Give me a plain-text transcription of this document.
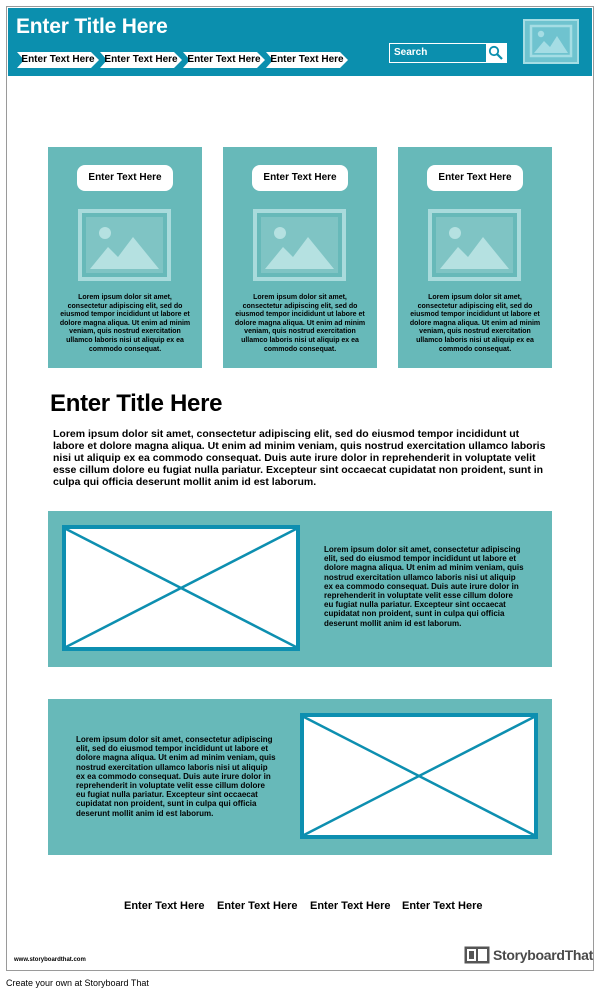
Enter Title Here
Enter Text Here Enter Text Here Enter Text Here Enter Text Here
Search
Enter Text Here
Lorem ipsum dolor sit amet, consectetur adipiscing elit, sed do eiusmod tempor incididunt ut labore et dolore magna aliqua. Ut enim ad minim veniam, quis nostrud exercitation ullamco laboris nisi ut aliquip ex ea commodo consequat.
Enter Text Here
Lorem ipsum dolor sit amet, consectetur adipiscing elit, sed do eiusmod tempor incididunt ut labore et dolore magna aliqua. Ut enim ad minim veniam, quis nostrud exercitation ullamco laboris nisi ut aliquip ex ea commodo consequat.
Enter Text Here
Lorem ipsum dolor sit amet, consectetur adipiscing elit, sed do eiusmod tempor incididunt ut labore et dolore magna aliqua. Ut enim ad minim veniam, quis nostrud exercitation ullamco laboris nisi ut aliquip ex ea commodo consequat.
Enter Title Here
Lorem ipsum dolor sit amet, consectetur adipiscing elit, sed do eiusmod tempor incididunt ut labore et dolore magna aliqua. Ut enim ad minim veniam, quis nostrud exercitation ullamco laboris nisi ut aliquip ex ea commodo consequat. Duis aute irure dolor in reprehenderit in voluptate velit esse cillum dolore eu fugiat nulla pariatur. Excepteur sint occaecat cupidatat non proident, sunt in culpa qui officia deserunt mollit anim id est laborum.
Lorem ipsum dolor sit amet, consectetur adipiscing elit, sed do eiusmod tempor incididunt ut labore et dolore magna aliqua. Ut enim ad minim veniam, quis nostrud exercitation ullamco laboris nisi ut aliquip ex ea commodo consequat. Duis aute irure dolor in reprehenderit in voluptate velit esse cillum dolore eu fugiat nulla pariatur. Excepteur sint occaecat cupidatat non proident, sunt in culpa qui officia deserunt mollit anim id est laborum.
Lorem ipsum dolor sit amet, consectetur adipiscing elit, sed do eiusmod tempor incididunt ut labore et dolore magna aliqua. Ut enim ad minim veniam, quis nostrud exercitation ullamco laboris nisi ut aliquip ex ea commodo consequat. Duis aute irure dolor in reprehenderit in voluptate velit esse cillum dolore eu fugiat nulla pariatur. Excepteur sint occaecat cupidatat non proident, sunt in culpa qui officia deserunt mollit anim id est laborum.
Enter Text Here Enter Text Here Enter Text Here Enter Text Here
www.storyboardthat.com	StoryboardThat
Create your own at Storyboard That
